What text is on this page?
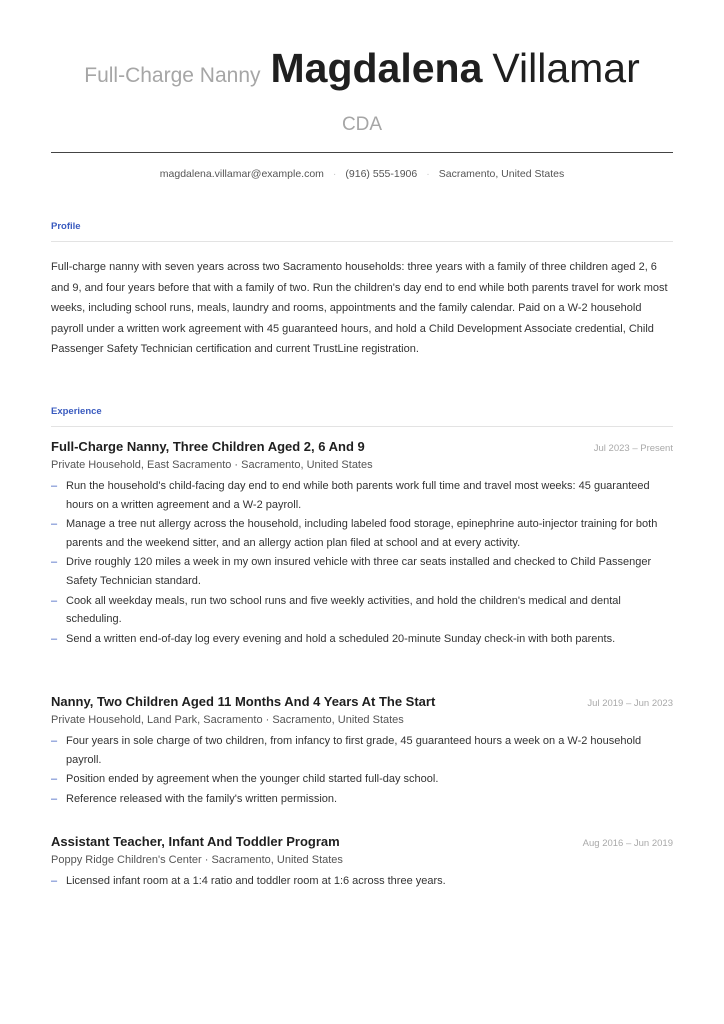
Full-Charge Nanny Magdalena Villamar
CDA
magdalena.villamar@example.com · (916) 555-1906 · Sacramento, United States
Profile
Full-charge nanny with seven years across two Sacramento households: three years with a family of three children aged 2, 6 and 9, and four years before that with a family of two. Run the children's day end to end while both parents travel for work most weeks, including school runs, meals, laundry and rooms, appointments and the family calendar. Paid on a W-2 household payroll under a written work agreement with 45 guaranteed hours, and hold a Child Development Associate credential, Child Passenger Safety Technician certification and current TrustLine registration.
Experience
Full-Charge Nanny, Three Children Aged 2, 6 And 9	Jul 2023 – Present
Private Household, East Sacramento · Sacramento, United States
– Run the household's child-facing day end to end while both parents work full time and travel most weeks: 45 guaranteed hours on a written agreement and a W-2 payroll.
– Manage a tree nut allergy across the household, including labeled food storage, epinephrine auto-injector training for both parents and the weekend sitter, and an allergy action plan filed at school and at every activity.
– Drive roughly 120 miles a week in my own insured vehicle with three car seats installed and checked to Child Passenger Safety Technician standard.
– Cook all weekday meals, run two school runs and five weekly activities, and hold the children's medical and dental scheduling.
– Send a written end-of-day log every evening and hold a scheduled 20-minute Sunday check-in with both parents.
Nanny, Two Children Aged 11 Months And 4 Years At The Start	Jul 2019 – Jun 2023
Private Household, Land Park, Sacramento · Sacramento, United States
– Four years in sole charge of two children, from infancy to first grade, 45 guaranteed hours a week on a W-2 household payroll.
– Position ended by agreement when the younger child started full-day school.
– Reference released with the family's written permission.
Assistant Teacher, Infant And Toddler Program	Aug 2016 – Jun 2019
Poppy Ridge Children's Center · Sacramento, United States
– Licensed infant room at a 1:4 ratio and toddler room at 1:6 across three years.
